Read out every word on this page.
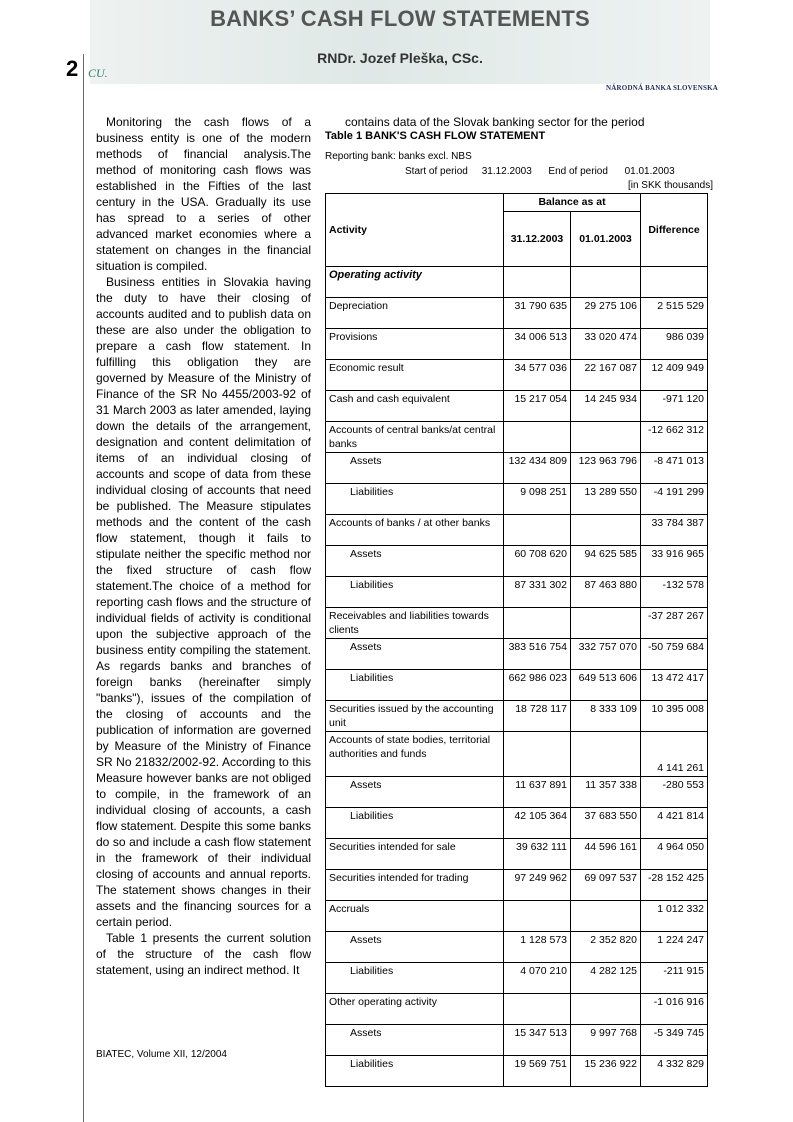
BANKS’ CASH FLOW STATEMENTS
RNDr. Jozef Pleška, CSc.
2 CU.
NÁRODNÁ BANKA SLOVENSKA

Monitoring the cash flows of a business entity is one of the modern methods of financial analysis.The method of monitoring cash flows was established in the Fifties of the last century in the USA. Gradually its use has spread to a series of other advanced market economies where a statement on changes in the financial situation is compiled.

Business entities in Slovakia having the duty to have their closing of accounts audited and to publish data on these are also under the obligation to prepare a cash flow statement. In fulfilling this obligation they are governed by Measure of the Ministry of Finance of the SR No 4455/2003-92 of 31 March 2003 as later amended, laying down the details of the arrangement, designation and content delimitation of items of an individual closing of accounts and scope of data from these individual closing of accounts that need be published. The Measure stipulates methods and the content of the cash flow statement, though it fails to stipulate neither the specific method nor the fixed structure of cash flow statement.The choice of a method for reporting cash flows and the structure of individual fields of activity is conditional upon the subjective approach of the business entity compiling the statement. As regards banks and branches of foreign banks (hereinafter simply "banks"), issues of the compilation of the closing of accounts and the publication of information are governed by Measure of the Ministry of Finance SR No 21832/2002-92. According to this Measure however banks are not obliged to compile, in the framework of an individual closing of accounts, a cash flow statement. Despite this some banks do so and include a cash flow statement in the framework of their individual closing of accounts and annual reports. The statement shows changes in their assets and the financing sources for a certain period.

Table 1 presents the current solution of the structure of the cash flow statement, using an indirect method. It

contains data of the Slovak banking sector for the period
Table 1 BANK'S CASH FLOW STATEMENT
Reporting bank: banks excl. NBS
Start of period     31.12.2003      End of period      01.01.2003
[in SKK thousands]
Activity	Balance as at		Difference
	31.12.2003	01.01.2003	
Operating activity			
Depreciation	31 790 635	29 275 106	2 515 529
Provisions	34 006 513	33 020 474	986 039
Economic result	34 577 036	22 167 087	12 409 949
Cash and cash equivalent	15 217 054	14 245 934	-971 120
Accounts of central banks/at central banks			-12 662 312
Assets	132 434 809	123 963 796	-8 471 013
Liabilities	9 098 251	13 289 550	-4 191 299
Accounts of banks / at other banks			33 784 387
Assets	60 708 620	94 625 585	33 916 965
Liabilities	87 331 302	87 463 880	-132 578
Receivables and liabilities towards clients			-37 287 267
Assets	383 516 754	332 757 070	-50 759 684
Liabilities	662 986 023	649 513 606	13 472 417
Securities issued by the accounting unit	18 728 117	8 333 109	10 395 008
Accounts of state bodies, territorial authorities and funds			4 141 261
Assets	11 637 891	11 357 338	-280 553
Liabilities	42 105 364	37 683 550	4 421 814
Securities intended for sale	39 632 111	44 596 161	4 964 050
Securities intended for trading	97 249 962	69 097 537	-28 152 425
Accruals			1 012 332
Assets	1 128 573	2 352 820	1 224 247
Liabilities	4 070 210	4 282 125	-211 915
Other operating activity			-1 016 916
Assets	15 347 513	9 997 768	-5 349 745
Liabilities	19 569 751	15 236 922	4 332 829
BIATEC, Volume XII, 12/2004
